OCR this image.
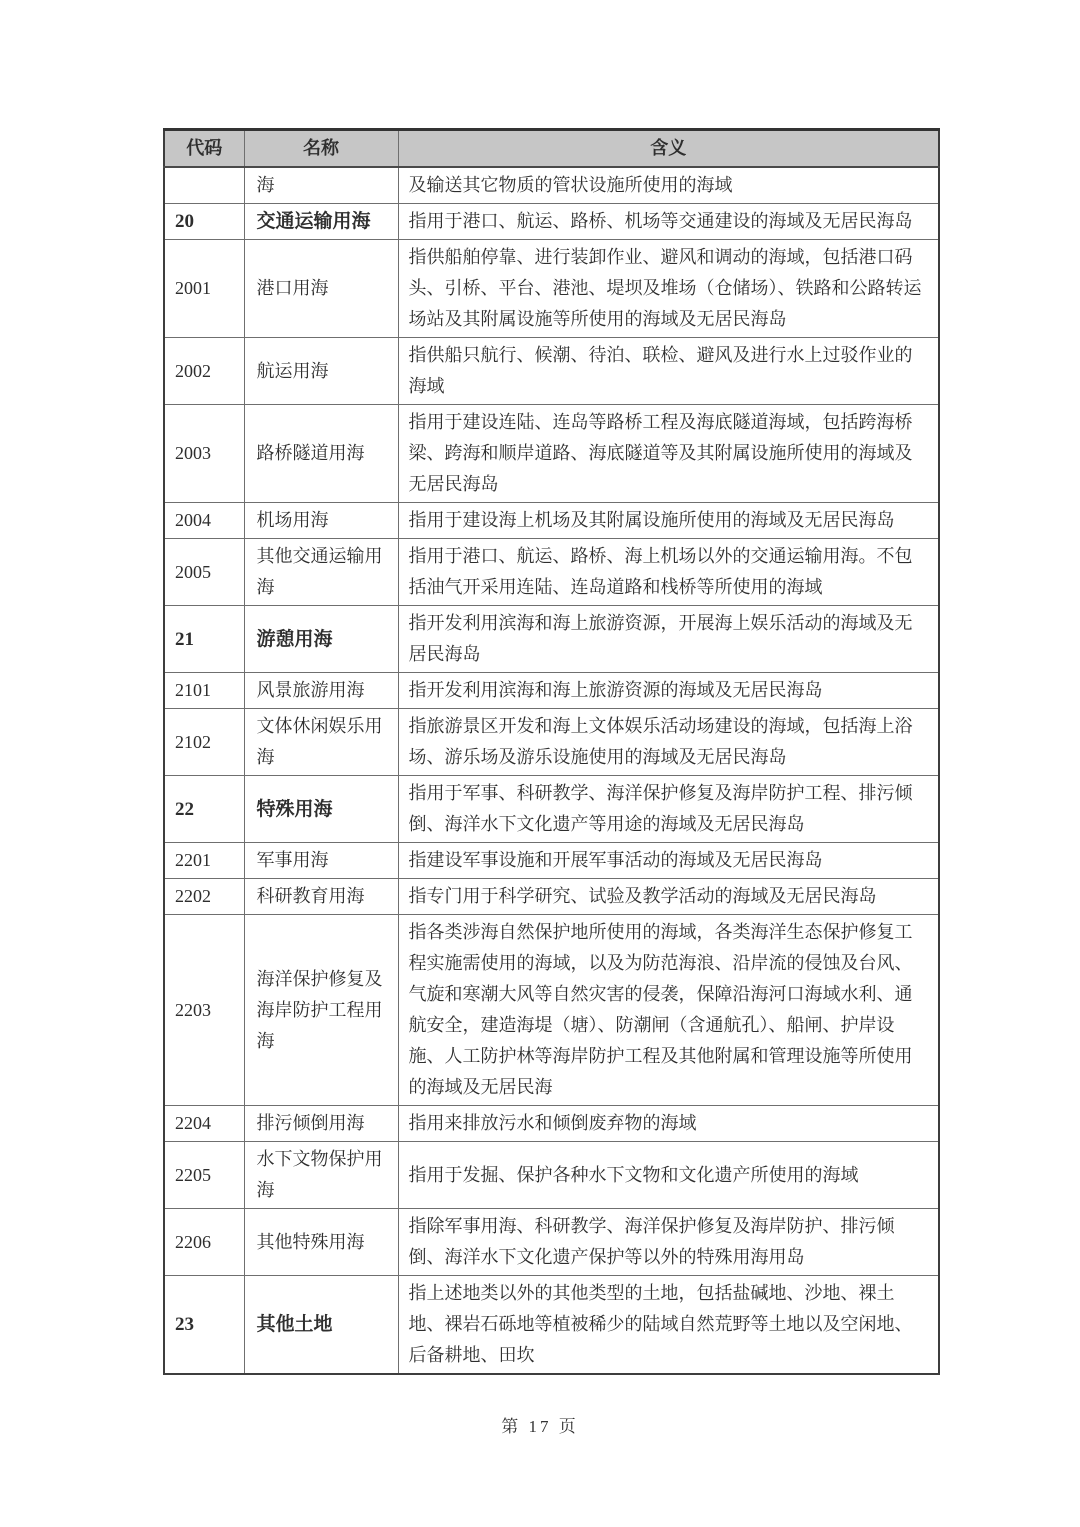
代码	名称	含义
	海	及输送其它物质的管状设施所使用的海域
20	交通运输用海	指用于港口、航运、路桥、机场等交通建设的海域及无居民海岛
2001	港口用海	指供船舶停靠、进行装卸作业、避风和调动的海域，包括港口码头、引桥、平台、港池、堤坝及堆场（仓储场）、铁路和公路转运场站及其附属设施等所使用的海域及无居民海岛
2002	航运用海	指供船只航行、候潮、待泊、联检、避风及进行水上过驳作业的海域
2003	路桥隧道用海	指用于建设连陆、连岛等路桥工程及海底隧道海域，包括跨海桥梁、跨海和顺岸道路、海底隧道等及其附属设施所使用的海域及无居民海岛
2004	机场用海	指用于建设海上机场及其附属设施所使用的海域及无居民海岛
2005	其他交通运输用海	指用于港口、航运、路桥、海上机场以外的交通运输用海。不包括油气开采用连陆、连岛道路和栈桥等所使用的海域
21	游憩用海	指开发利用滨海和海上旅游资源，开展海上娱乐活动的海域及无居民海岛
2101	风景旅游用海	指开发利用滨海和海上旅游资源的海域及无居民海岛
2102	文体休闲娱乐用海	指旅游景区开发和海上文体娱乐活动场建设的海域，包括海上浴场、游乐场及游乐设施使用的海域及无居民海岛
22	特殊用海	指用于军事、科研教学、海洋保护修复及海岸防护工程、排污倾倒、海洋水下文化遗产等用途的海域及无居民海岛
2201	军事用海	指建设军事设施和开展军事活动的海域及无居民海岛
2202	科研教育用海	指专门用于科学研究、试验及教学活动的海域及无居民海岛
2203	海洋保护修复及海岸防护工程用海	指各类涉海自然保护地所使用的海域，各类海洋生态保护修复工程实施需使用的海域，以及为防范海浪、沿岸流的侵蚀及台风、气旋和寒潮大风等自然灾害的侵袭，保障沿海河口海域水利、通航安全，建造海堤（塘）、防潮闸（含通航孔）、船闸、护岸设施、人工防护林等海岸防护工程及其他附属和管理设施等所使用的海域及无居民海
2204	排污倾倒用海	指用来排放污水和倾倒废弃物的海域
2205	水下文物保护用海	指用于发掘、保护各种水下文物和文化遗产所使用的海域
2206	其他特殊用海	指除军事用海、科研教学、海洋保护修复及海岸防护、排污倾倒、海洋水下文化遗产保护等以外的特殊用海用岛
23	其他土地	指上述地类以外的其他类型的土地，包括盐碱地、沙地、裸土地、裸岩石砾地等植被稀少的陆域自然荒野等土地以及空闲地、后备耕地、田坎
第 17 页
